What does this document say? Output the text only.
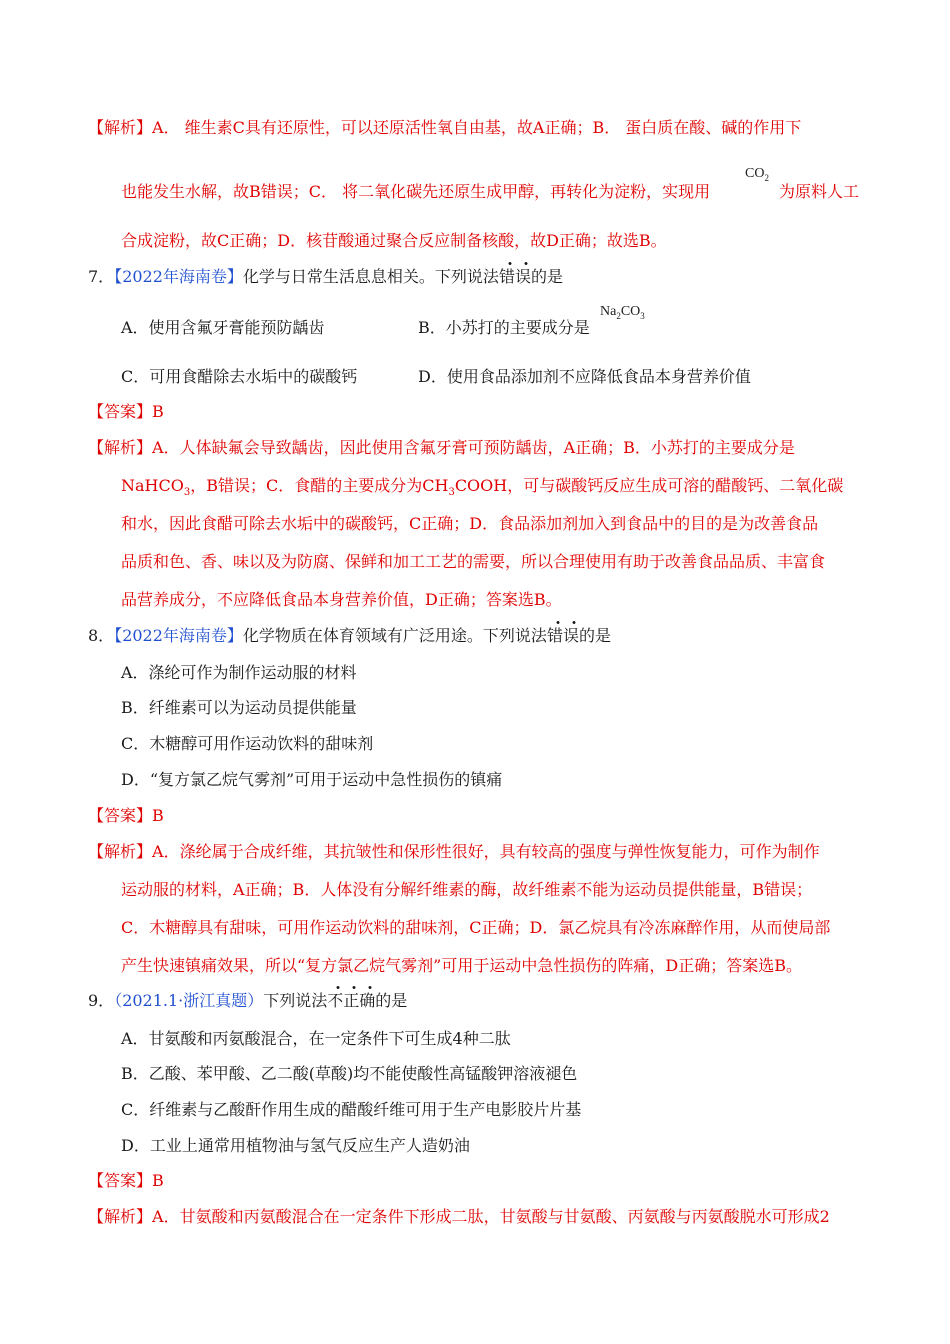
【解析】A． 维生素C具有还原性，可以还原活性氧自由基，故A正确；B． 蛋白质在酸、碱的作用下
也能发生水解，故B错误；C． 将二氧化碳先还原生成甲醇，再转化为淀粉，实现用
$CO_2$
为原料人工
合成淀粉，故C正确；D．核苷酸通过聚合反应制备核酸，故D正确；故选B。
7．【2022年海南卷】化学与日常生活息息相关。下列说法错误的是
A．使用含氟牙膏能预防龋齿	B．小苏打的主要成分是
$Na_2CO_3$
C．可用食醋除去水垢中的碳酸钙	D．使用食品添加剂不应降低食品本身营养价值
【答案】B
【解析】A．人体缺氟会导致龋齿，因此使用含氟牙膏可预防龋齿，A正确；B．小苏打的主要成分是
NaHCO$_3$，B错误；C．食醋的主要成分为$CH_3COOH$，可与碳酸钙反应生成可溶的醋酸钙、二氧化碳
和水，因此食醋可除去水垢中的碳酸钙，C正确；D．食品添加剂加入到食品中的目的是为改善食品
品质和色、香、味以及为防腐、保鲜和加工工艺的需要，所以合理使用有助于改善食品品质、丰富食
品营养成分，不应降低食品本身营养价值，D正确；答案选B。
8．【2022年海南卷】化学物质在体育领域有广泛用途。下列说法错误的是
A．涤纶可作为制作运动服的材料
B．纤维素可以为运动员提供能量
C．木糖醇可用作运动饮料的甜味剂
D．“复方氯乙烷气雾剂”可用于运动中急性损伤的镇痛
【答案】B
【解析】A．涤纶属于合成纤维，其抗皱性和保形性很好，具有较高的强度与弹性恢复能力，可作为制作
运动服的材料，A正确；B．人体没有分解纤维素的酶，故纤维素不能为运动员提供能量，B错误；
C．木糖醇具有甜味，可用作运动饮料的甜味剂，C正确；D．氯乙烷具有冷冻麻醉作用，从而使局部
产生快速镇痛效果，所以“复方氯乙烷气雾剂”可用于运动中急性损伤的阵痛，D正确；答案选B。
9．（2021.1·浙江真题）下列说法不正确的是
A．甘氨酸和丙氨酸混合，在一定条件下可生成4种二肽
B．乙酸、苯甲酸、乙二酸(草酸)均不能使酸性高锰酸钾溶液褪色
C．纤维素与乙酸酐作用生成的醋酸纤维可用于生产电影胶片片基
D．工业上通常用植物油与氢气反应生产人造奶油
【答案】B
【解析】A．甘氨酸和丙氨酸混合在一定条件下形成二肽，甘氨酸与甘氨酸、丙氨酸与丙氨酸脱水可形成2
